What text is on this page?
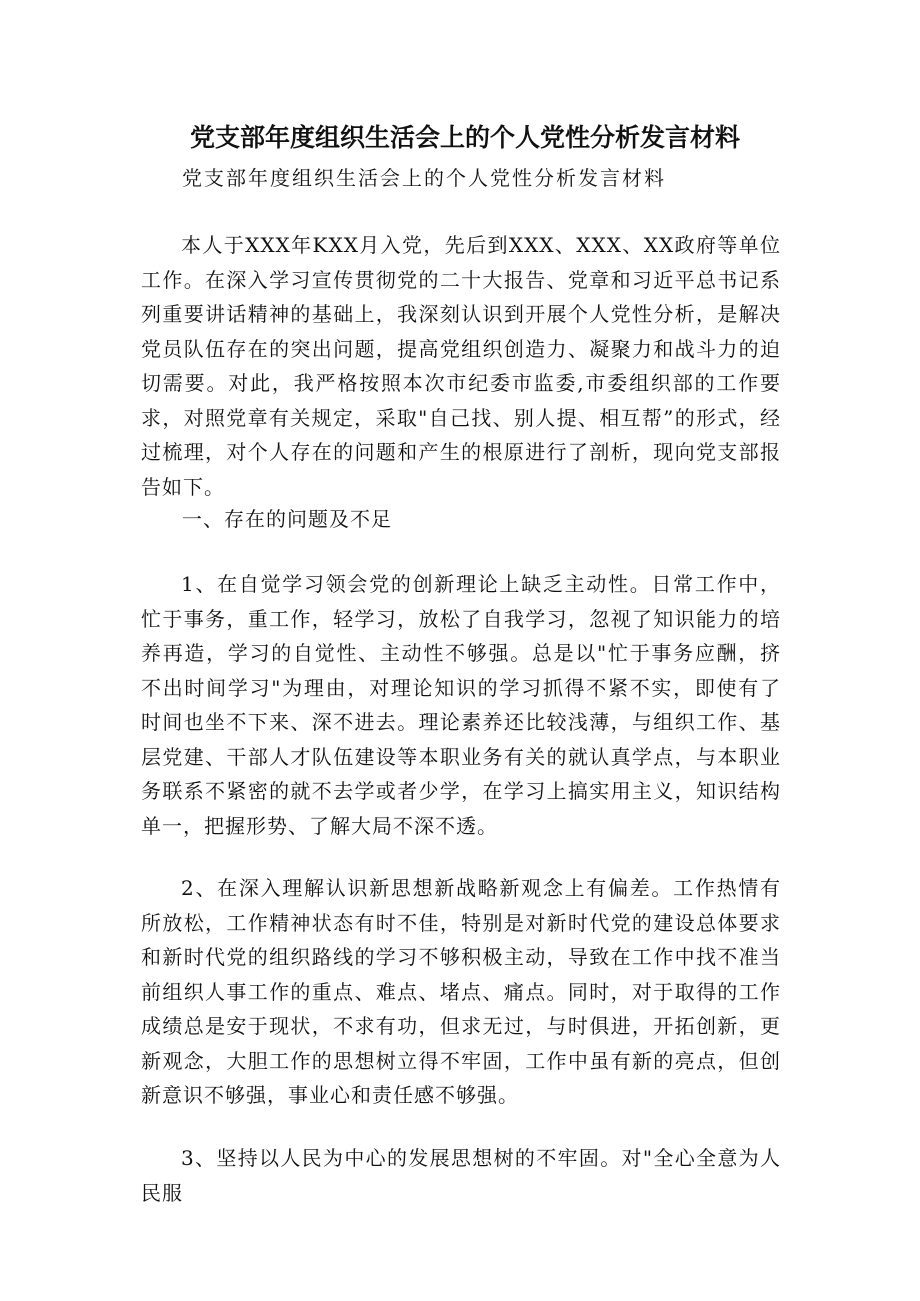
党支部年度组织生活会上的个人党性分析发言材料
党支部年度组织生活会上的个人党性分析发言材料

本人于XXX年KXX月入党，先后到XXX、XXX、XX政府等单位工作。在深入学习宣传贯彻党的二十大报告、党章和习近平总书记系列重要讲话精神的基础上，我深刻认识到开展个人党性分析，是解决党员队伍存在的突出问题，提高党组织创造力、凝聚力和战斗力的迫切需要。对此，我严格按照本次市纪委市监委,市委组织部的工作要求，对照党章有关规定，采取"自己找、别人提、相互帮”的形式，经过梳理，对个人存在的问题和产生的根原进行了剖析，现向党支部报告如下。

一、存在的问题及不足

1、在自觉学习领会党的创新理论上缺乏主动性。日常工作中，忙于事务，重工作，轻学习，放松了自我学习，忽视了知识能力的培养再造，学习的自觉性、主动性不够强。总是以"忙于事务应酬，挤不出时间学习"为理由，对理论知识的学习抓得不紧不实，即使有了时间也坐不下来、深不进去。理论素养还比较浅薄，与组织工作、基层党建、干部人才队伍建设等本职业务有关的就认真学点，与本职业务联系不紧密的就不去学或者少学，在学习上搞实用主义，知识结构单一，把握形势、了解大局不深不透。

2、在深入理解认识新思想新战略新观念上有偏差。工作热情有所放松，工作精神状态有时不佳，特别是对新时代党的建设总体要求和新时代党的组织路线的学习不够积极主动，导致在工作中找不准当前组织人事工作的重点、难点、堵点、痛点。同时，对于取得的工作成绩总是安于现状，不求有功，但求无过，与时俱进，开拓创新，更新观念，大胆工作的思想树立得不牢固，工作中虽有新的亮点，但创新意识不够强，事业心和责任感不够强。

3、坚持以人民为中心的发展思想树的不牢固。对"全心全意为人民服
